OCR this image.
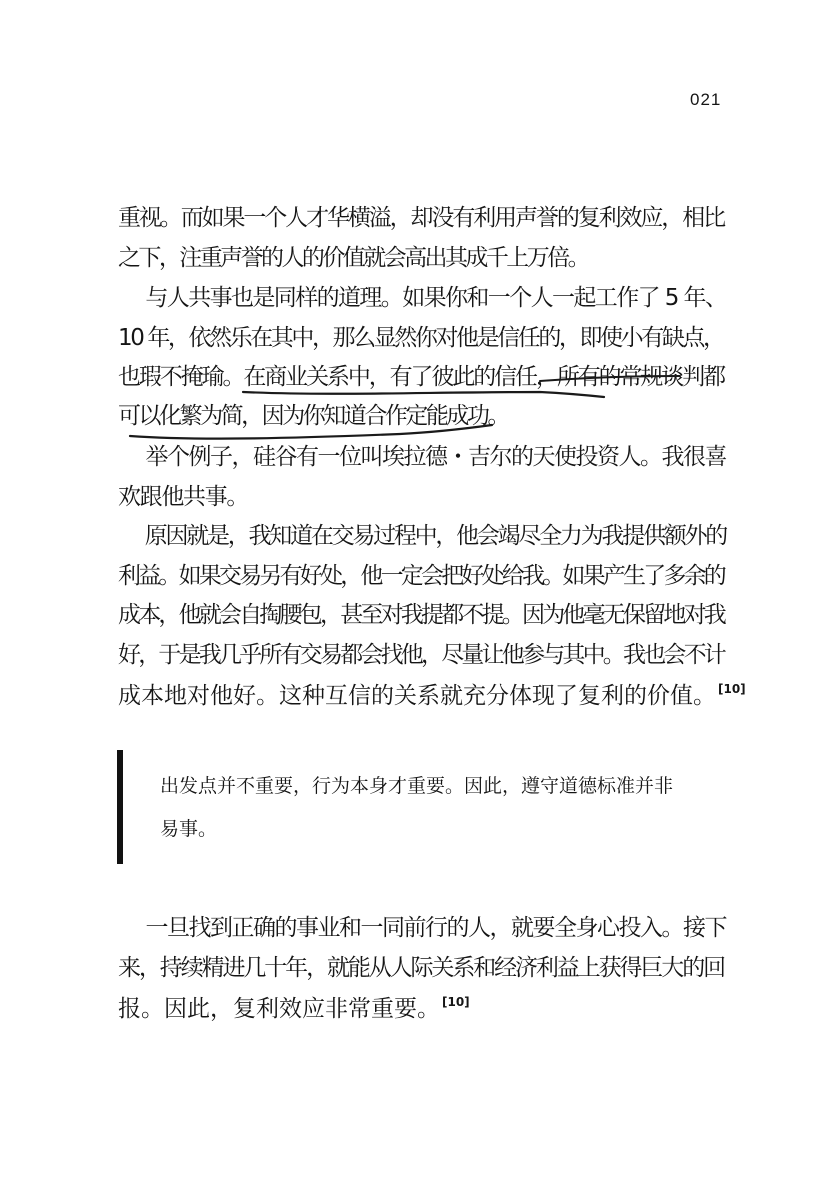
021
重视。而如果一个人才华横溢，却没有利用声誉的复利效应，相比
之下，注重声誉的人的价值就会高出其成千上万倍。
　与人共事也是同样的道理。如果你和一个人一起工作了 5 年、
10 年，依然乐在其中，那么显然你对他是信任的，即使小有缺点，
也瑕不掩瑜。在商业关系中，有了彼此的信任，所有的常规谈判都
可以化繁为简，因为你知道合作定能成功。
　举个例子，硅谷有一位叫埃拉德・吉尔的天使投资人。我很喜
欢跟他共事。
　原因就是，我知道在交易过程中，他会竭尽全力为我提供额外的
利益。如果交易另有好处，他一定会把好处给我。如果产生了多余的
成本，他就会自掏腰包，甚至对我提都不提。因为他毫无保留地对我
好，于是我几乎所有交易都会找他，尽量让他参与其中。我也会不计
成本地对他好。这种互信的关系就充分体现了复利的价值。 [10]
出发点并不重要，行为本身才重要。因此，遵守道德标准并非
易事。
　一旦找到正确的事业和一同前行的人，就要全身心投入。接下
来，持续精进几十年，就能从人际关系和经济利益上获得巨大的回
报。因此，复利效应非常重要。 [10]
